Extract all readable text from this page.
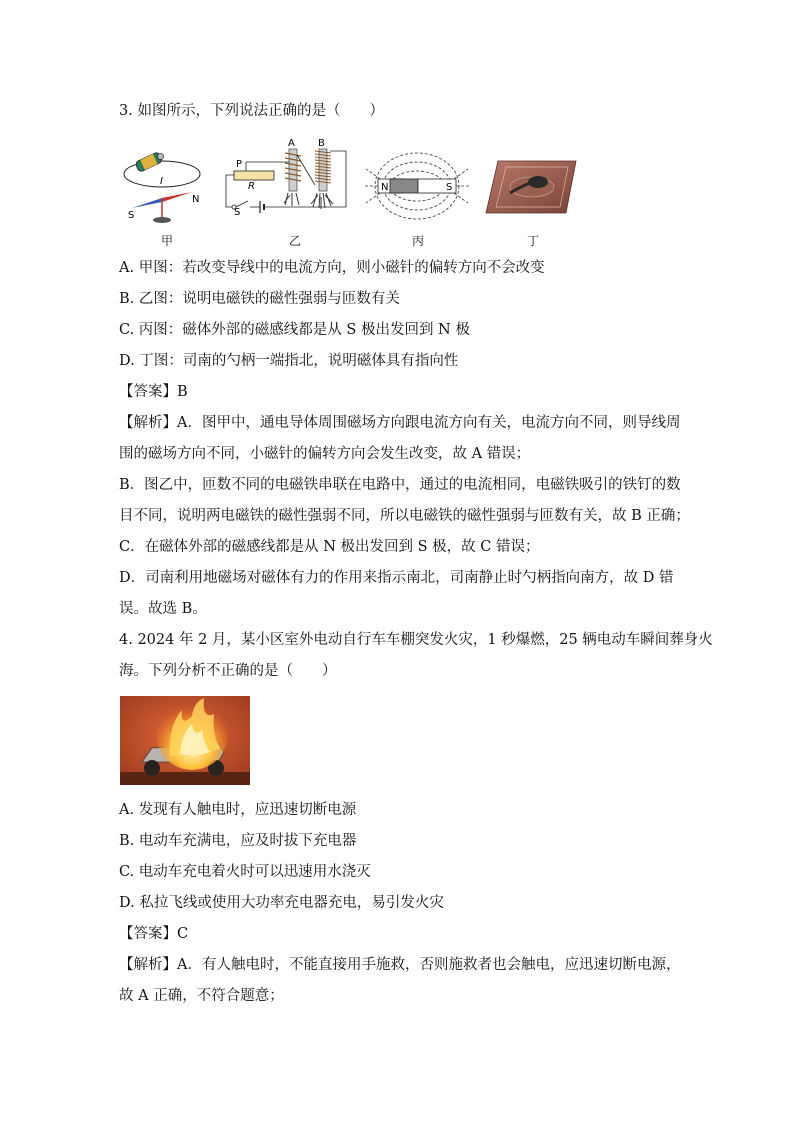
3. 如图所示，下列说法正确的是（　　）
I
S
N
甲
A B
P
R
S
乙
N	S
丙	丁
A. 甲图：若改变导线中的电流方向，则小磁针的偏转方向不会改变
B. 乙图：说明电磁铁的磁性强弱与匝数有关
C. 丙图：磁体外部的磁感线都是从 S 极出发回到 N 极
D. 丁图：司南的勺柄一端指北，说明磁体具有指向性
【答案】B
【解析】A．图甲中，通电导体周围磁场方向跟电流方向有关，电流方向不同，则导线周
围的磁场方向不同，小磁针的偏转方向会发生改变，故 A 错误；
B．图乙中，匝数不同的电磁铁串联在电路中，通过的电流相同，电磁铁吸引的铁钉的数
目不同，说明两电磁铁的磁性强弱不同，所以电磁铁的磁性强弱与匝数有关，故 B 正确；
C．在磁体外部的磁感线都是从 N 极出发回到 S 极，故 C 错误；
D．司南利用地磁场对磁体有力的作用来指示南北，司南静止时勺柄指向南方，故 D 错
误。故选 B。
4. 2024 年 2 月，某小区室外电动自行车车棚突发火灾，1 秒爆燃，25 辆电动车瞬间葬身火
海。下列分析不正确的是（　　）
A. 发现有人触电时，应迅速切断电源
B. 电动车充满电，应及时拔下充电器
C. 电动车充电着火时可以迅速用水浇灭
D. 私拉飞线或使用大功率充电器充电，易引发火灾
【答案】C
【解析】A．有人触电时，不能直接用手施救，否则施救者也会触电，应迅速切断电源，
故 A 正确，不符合题意；
